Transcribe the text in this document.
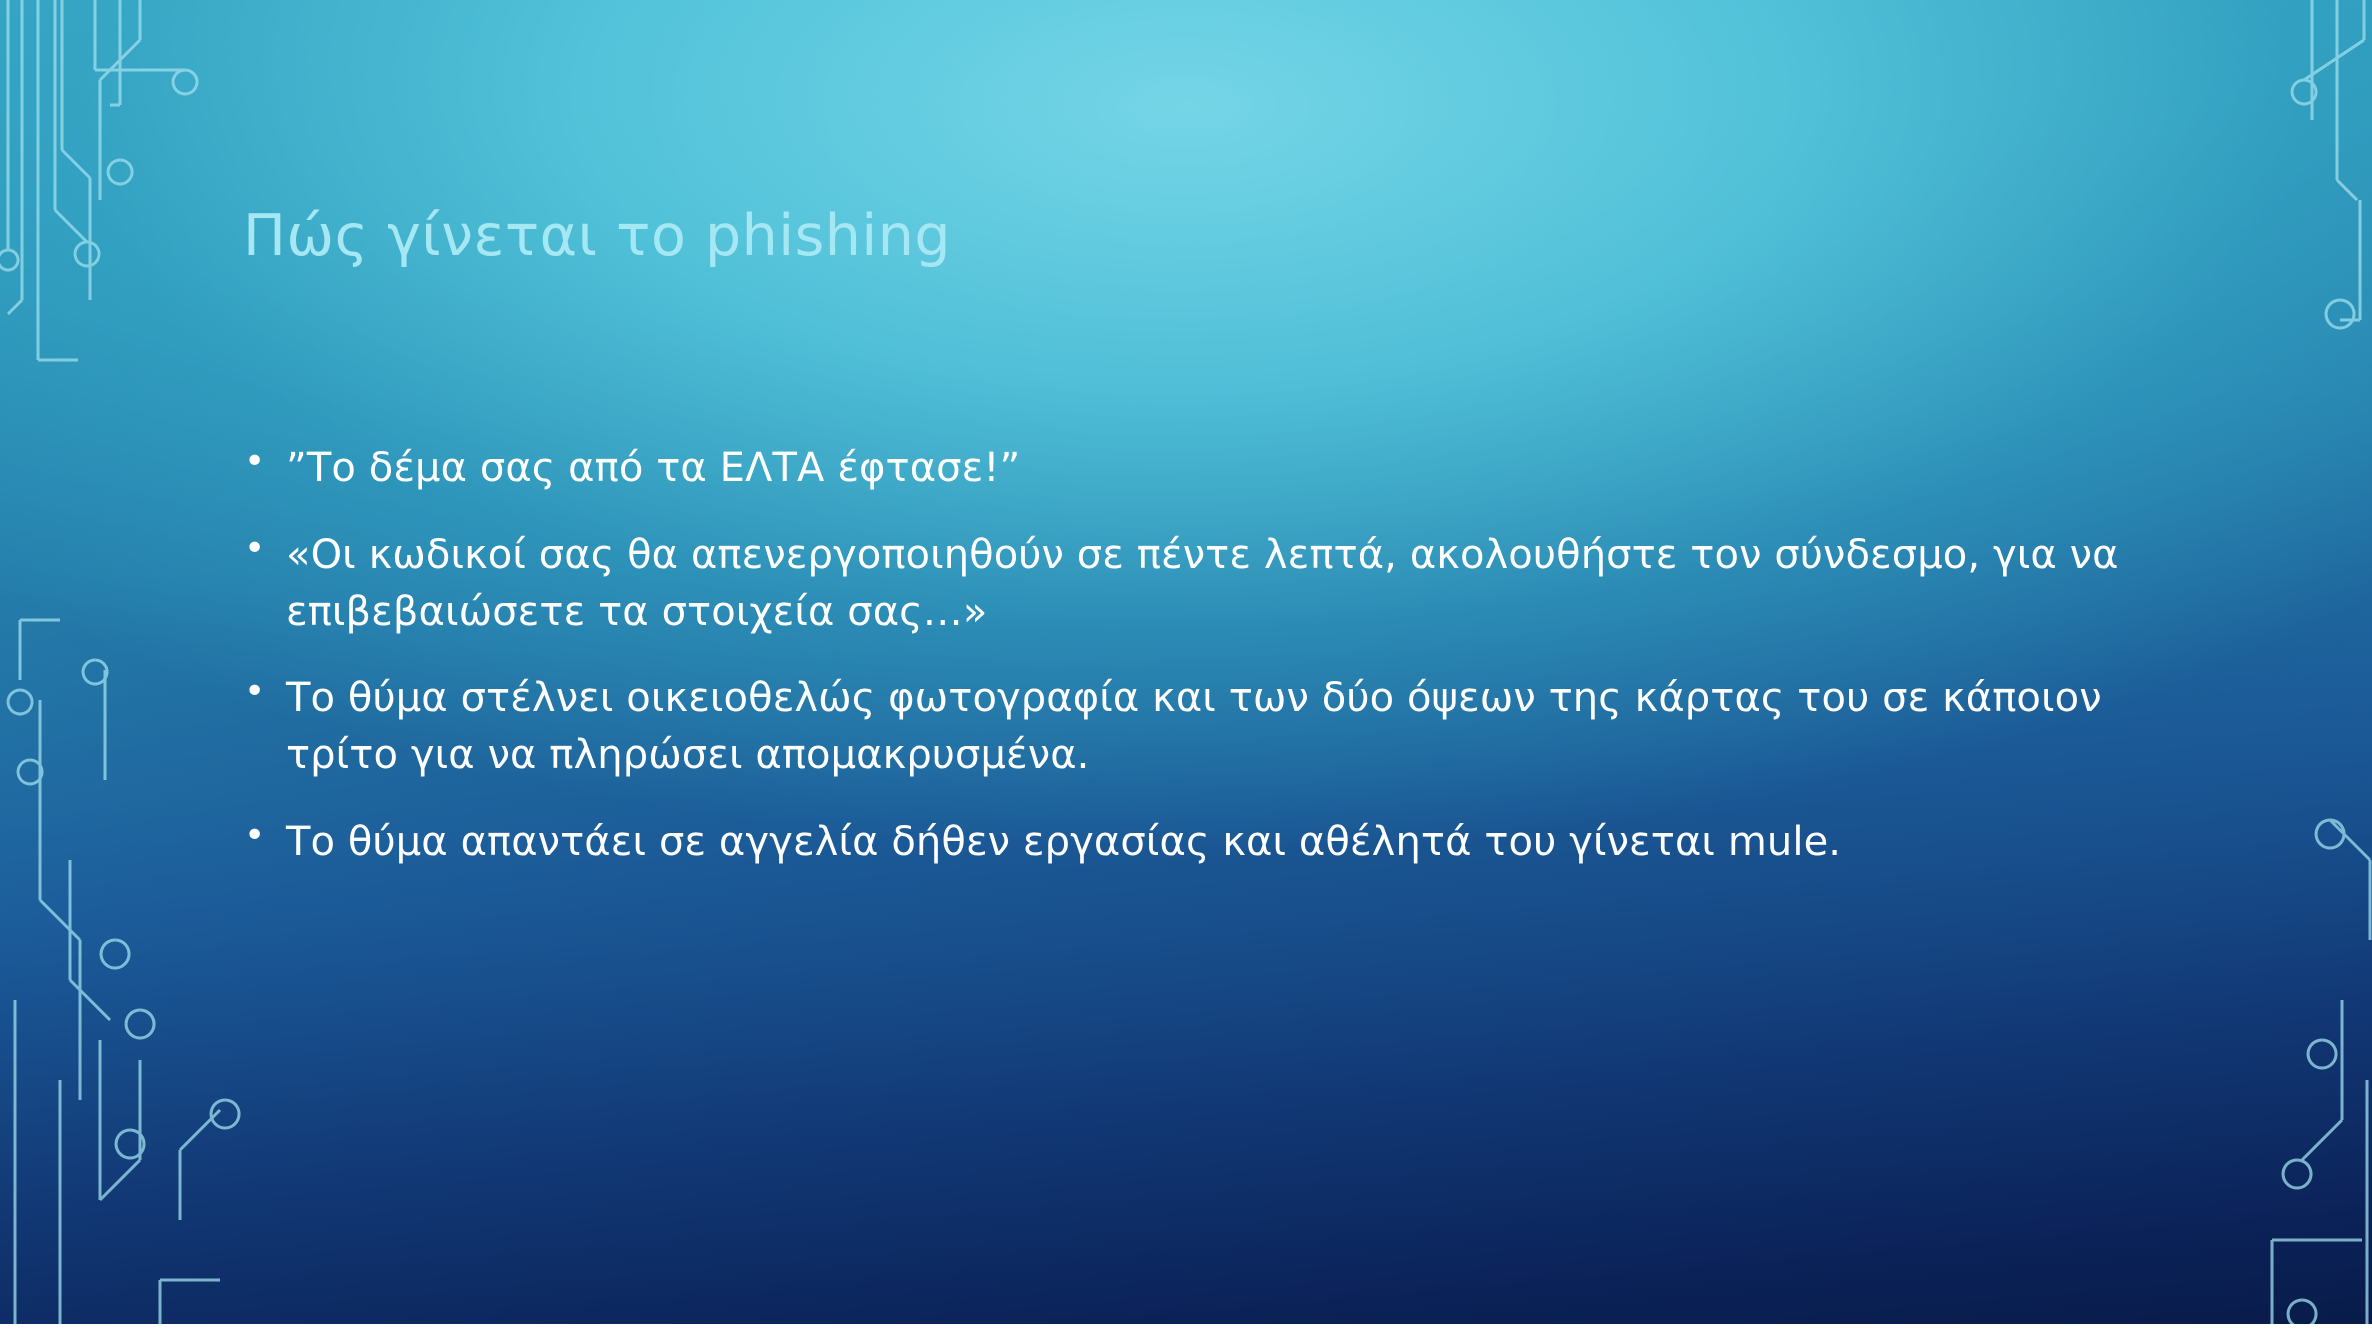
Πώς γίνεται το phishing
• ”Το δέμα σας από τα ΕΛΤΑ έφτασε!”
• «Οι κωδικοί σας θα απενεργοποιηθούν σε πέντε λεπτά, ακολουθήστε τον σύνδεσμο, για να επιβεβαιώσετε τα στοιχεία σας…»
• Το θύμα στέλνει οικειοθελώς φωτογραφία και των δύο όψεων της κάρτας του σε κάποιον τρίτο για να πληρώσει απομακρυσμένα.
• Το θύμα απαντάει σε αγγελία δήθεν εργασίας και αθέλητά του γίνεται mule.
